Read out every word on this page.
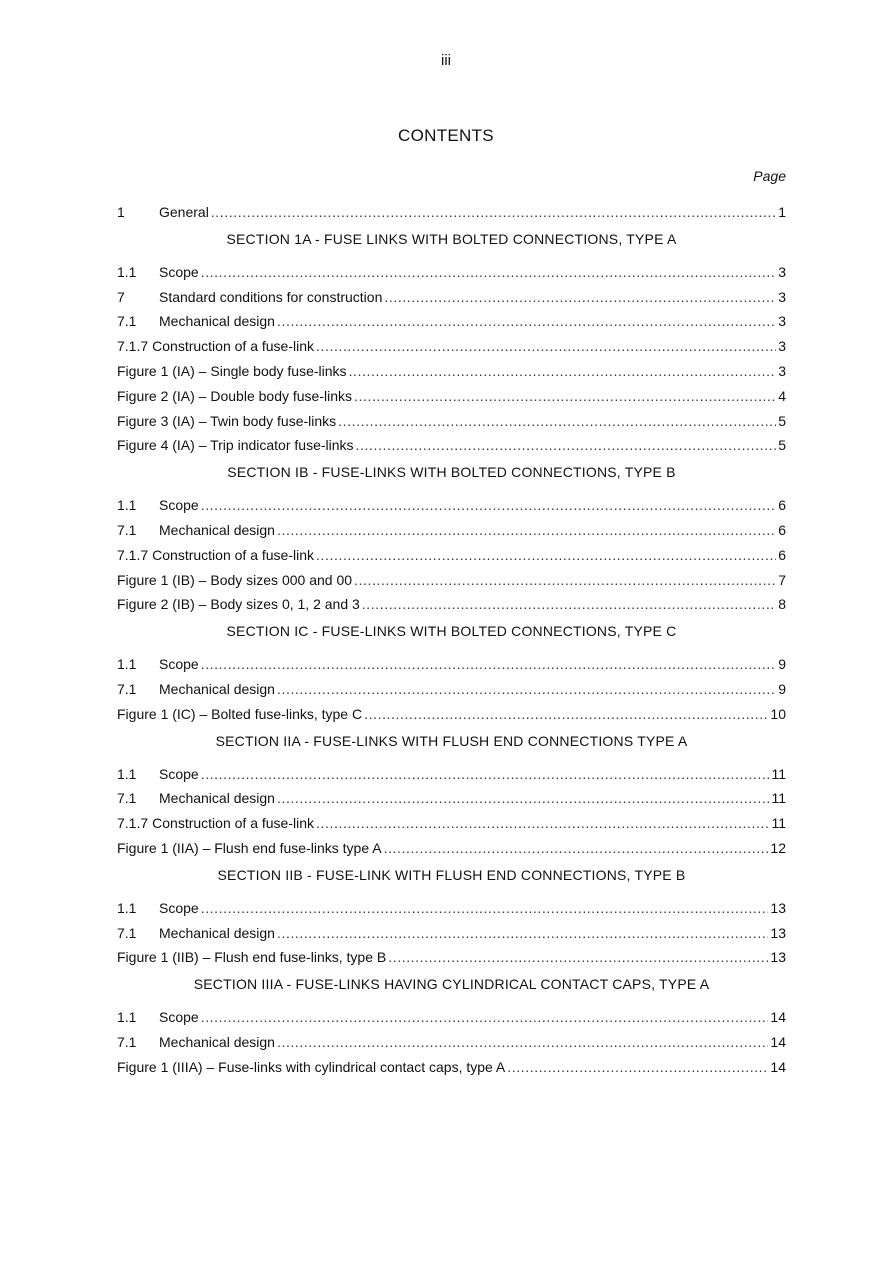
iii
CONTENTS
Page
1	General .....	1
SECTION 1A - FUSE LINKS WITH BOLTED CONNECTIONS, TYPE A
1.1	Scope .....	3
7	Standard conditions for construction .....	3
7.1	Mechanical design .....	3
7.1.7 Construction of a fuse-link .....	3
Figure 1 (IA) – Single body fuse-links .....	3
Figure 2 (IA) – Double body fuse-links .....	4
Figure 3 (IA) – Twin body fuse-links .....	5
Figure 4 (IA) – Trip indicator fuse-links .....	5
SECTION IB - FUSE-LINKS WITH BOLTED CONNECTIONS, TYPE B
1.1	Scope .....	6
7.1	Mechanical design .....	6
7.1.7 Construction of a fuse-link .....	6
Figure 1 (IB) – Body sizes 000 and 00 .....	7
Figure 2 (IB) – Body sizes 0, 1, 2 and 3 .....	8
SECTION IC - FUSE-LINKS WITH BOLTED CONNECTIONS, TYPE C
1.1	Scope .....	9
7.1	Mechanical design .....	9
Figure 1 (IC) – Bolted fuse-links, type C .....	10
SECTION IIA - FUSE-LINKS WITH FLUSH END CONNECTIONS TYPE A
1.1	Scope .....	11
7.1	Mechanical design .....	11
7.1.7 Construction of a fuse-link .....	11
Figure 1 (IIA) – Flush end fuse-links type A .....	12
SECTION IIB - FUSE-LINK WITH FLUSH END CONNECTIONS, TYPE B
1.1	Scope .....	13
7.1	Mechanical design .....	13
Figure 1 (IIB) – Flush end fuse-links, type B .....	13
SECTION IIIA - FUSE-LINKS HAVING CYLINDRICAL CONTACT CAPS, TYPE A
1.1	Scope .....	14
7.1	Mechanical design .....	14
Figure 1 (IIIA) – Fuse-links with cylindrical contact caps, type A .....	14
